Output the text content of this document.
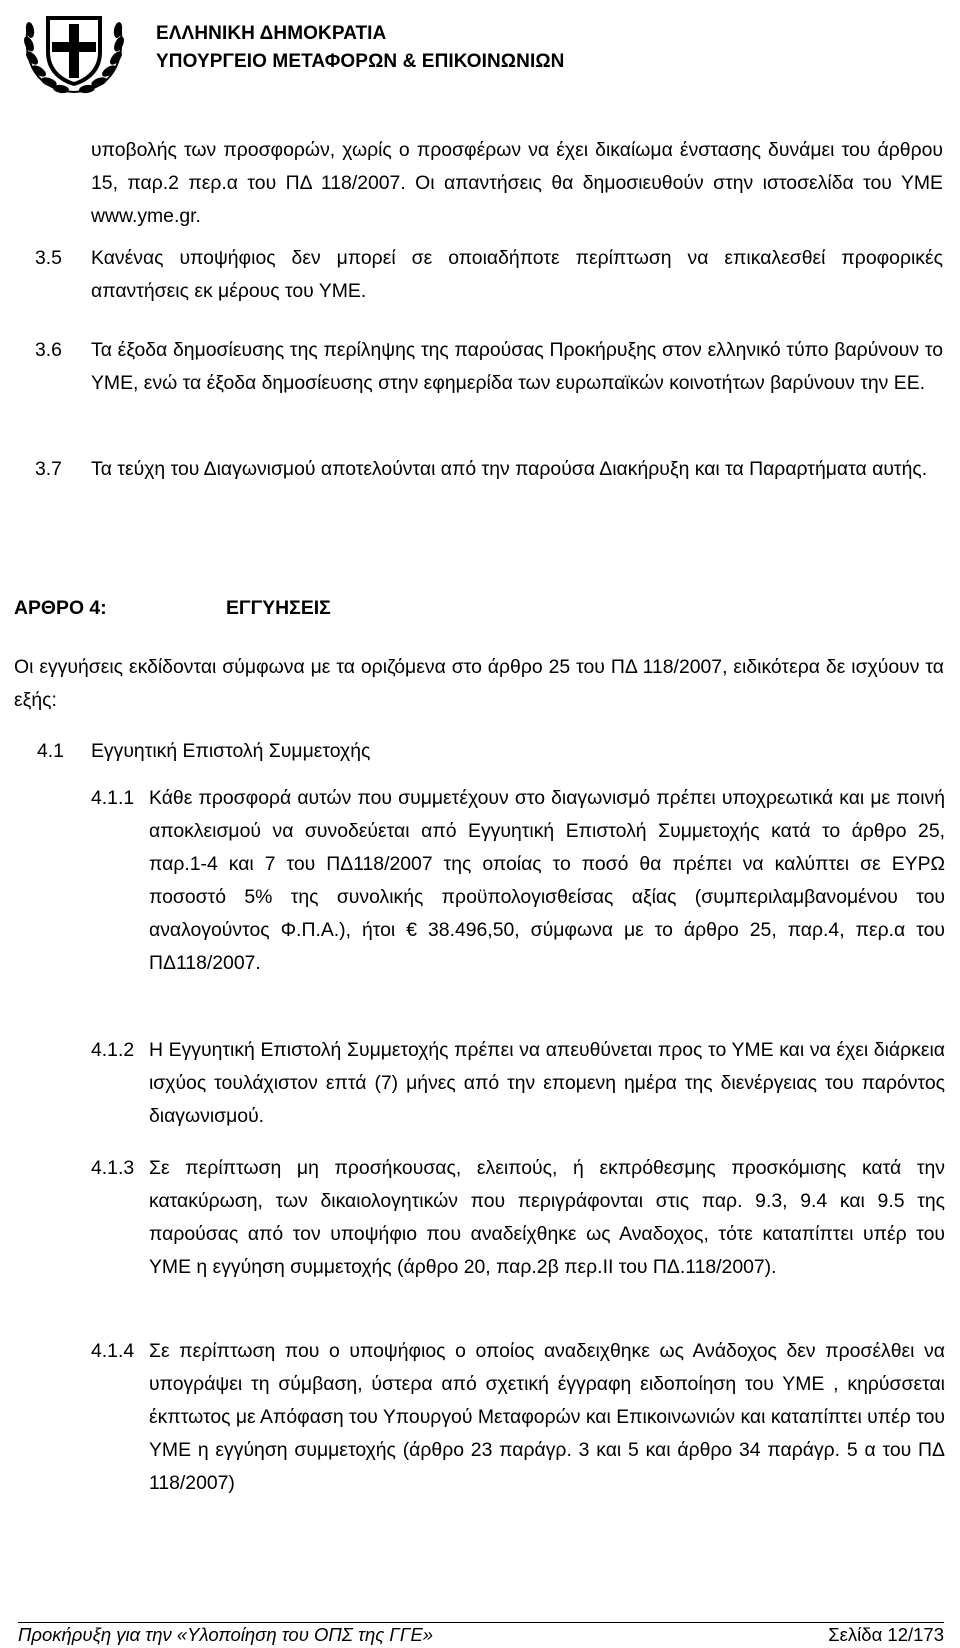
ΕΛΛΗΝΙΚΗ ΔΗΜΟΚΡΑΤΙΑ
ΥΠΟΥΡΓΕΙΟ ΜΕΤΑΦΟΡΩΝ & ΕΠΙΚΟΙΝΩΝΙΩΝ
υποβολής των προσφορών, χωρίς ο προσφέρων να έχει δικαίωμα ένστασης δυνάμει του άρθρου 15, παρ.2 περ.α του ΠΔ 118/2007. Οι απαντήσεις θα δημοσιευθούν στην ιστοσελίδα του ΥΜΕ www.yme.gr.
3.5 Κανένας υποψήφιος δεν μπορεί σε οποιαδήποτε περίπτωση να επικαλεσθεί προφορικές απαντήσεις εκ μέρους του ΥΜΕ.
3.6 Τα έξοδα δημοσίευσης της περίληψης της παρούσας Προκήρυξης στον ελληνικό τύπο βαρύνουν το ΥΜΕ, ενώ τα έξοδα δημοσίευσης στην εφημερίδα των ευρωπαϊκών κοινοτήτων βαρύνουν την ΕΕ.
3.7 Τα τεύχη του Διαγωνισμού αποτελούνται από την παρούσα Διακήρυξη και τα Παραρτήματα αυτής.
ΑΡΘΡΟ 4:	ΕΓΓΥΗΣΕΙΣ
Οι εγγυήσεις εκδίδονται σύμφωνα με τα οριζόμενα στο άρθρο 25 του ΠΔ 118/2007, ειδικότερα δε ισχύουν τα εξής:
4.1 Εγγυητική Επιστολή Συμμετοχής
4.1.1 Κάθε προσφορά αυτών που συμμετέχουν στο διαγωνισμό πρέπει υποχρεωτικά και με ποινή αποκλεισμού να συνοδεύεται από Εγγυητική Επιστολή Συμμετοχής κατά το άρθρο 25, παρ.1-4 και 7 του ΠΔ118/2007 της οποίας το ποσό θα πρέπει να καλύπτει σε ΕΥΡΩ ποσοστό 5% της συνολικής προϋπολογισθείσας αξίας (συμπεριλαμβανομένου του αναλογούντος Φ.Π.Α.), ήτοι € 38.496,50, σύμφωνα με το άρθρο 25, παρ.4, περ.α του ΠΔ118/2007.
4.1.2 Η Εγγυητική Επιστολή Συμμετοχής πρέπει να απευθύνεται προς το ΥΜΕ και να έχει διάρκεια ισχύος τουλάχιστον επτά (7) μήνες από την επομενη ημέρα της διενέργειας του παρόντος διαγωνισμού.
4.1.3 Σε περίπτωση μη προσήκουσας, ελειπούς, ή εκπρόθεσμης προσκόμισης κατά την κατακύρωση, των δικαιολογητικών που περιγράφονται στις παρ. 9.3, 9.4 και 9.5 της παρούσας από τον υποψήφιο που αναδείχθηκε ως Αναδοχος, τότε καταπίπτει υπέρ του ΥΜΕ η εγγύηση συμμετοχής (άρθρο 20, παρ.2β περ.ΙΙ του ΠΔ.118/2007).
4.1.4 Σε περίπτωση που ο υποψήφιος ο οποίος αναδειχθηκε ως Ανάδοχος δεν προσέλθει να υπογράψει τη σύμβαση, ύστερα από σχετική έγγραφη ειδοποίηση του ΥΜΕ , κηρύσσεται έκπτωτος με Απόφαση του Υπουργού Μεταφορών και Επικοινωνιών και καταπίπτει υπέρ του ΥΜΕ η εγγύηση συμμετοχής (άρθρο 23 παράγρ. 3 και 5 και άρθρο 34 παράγρ. 5 α του ΠΔ 118/2007)
Προκήρυξη για την «Υλοποίηση του ΟΠΣ της ΓΓΕ»	Σελίδα 12/173
